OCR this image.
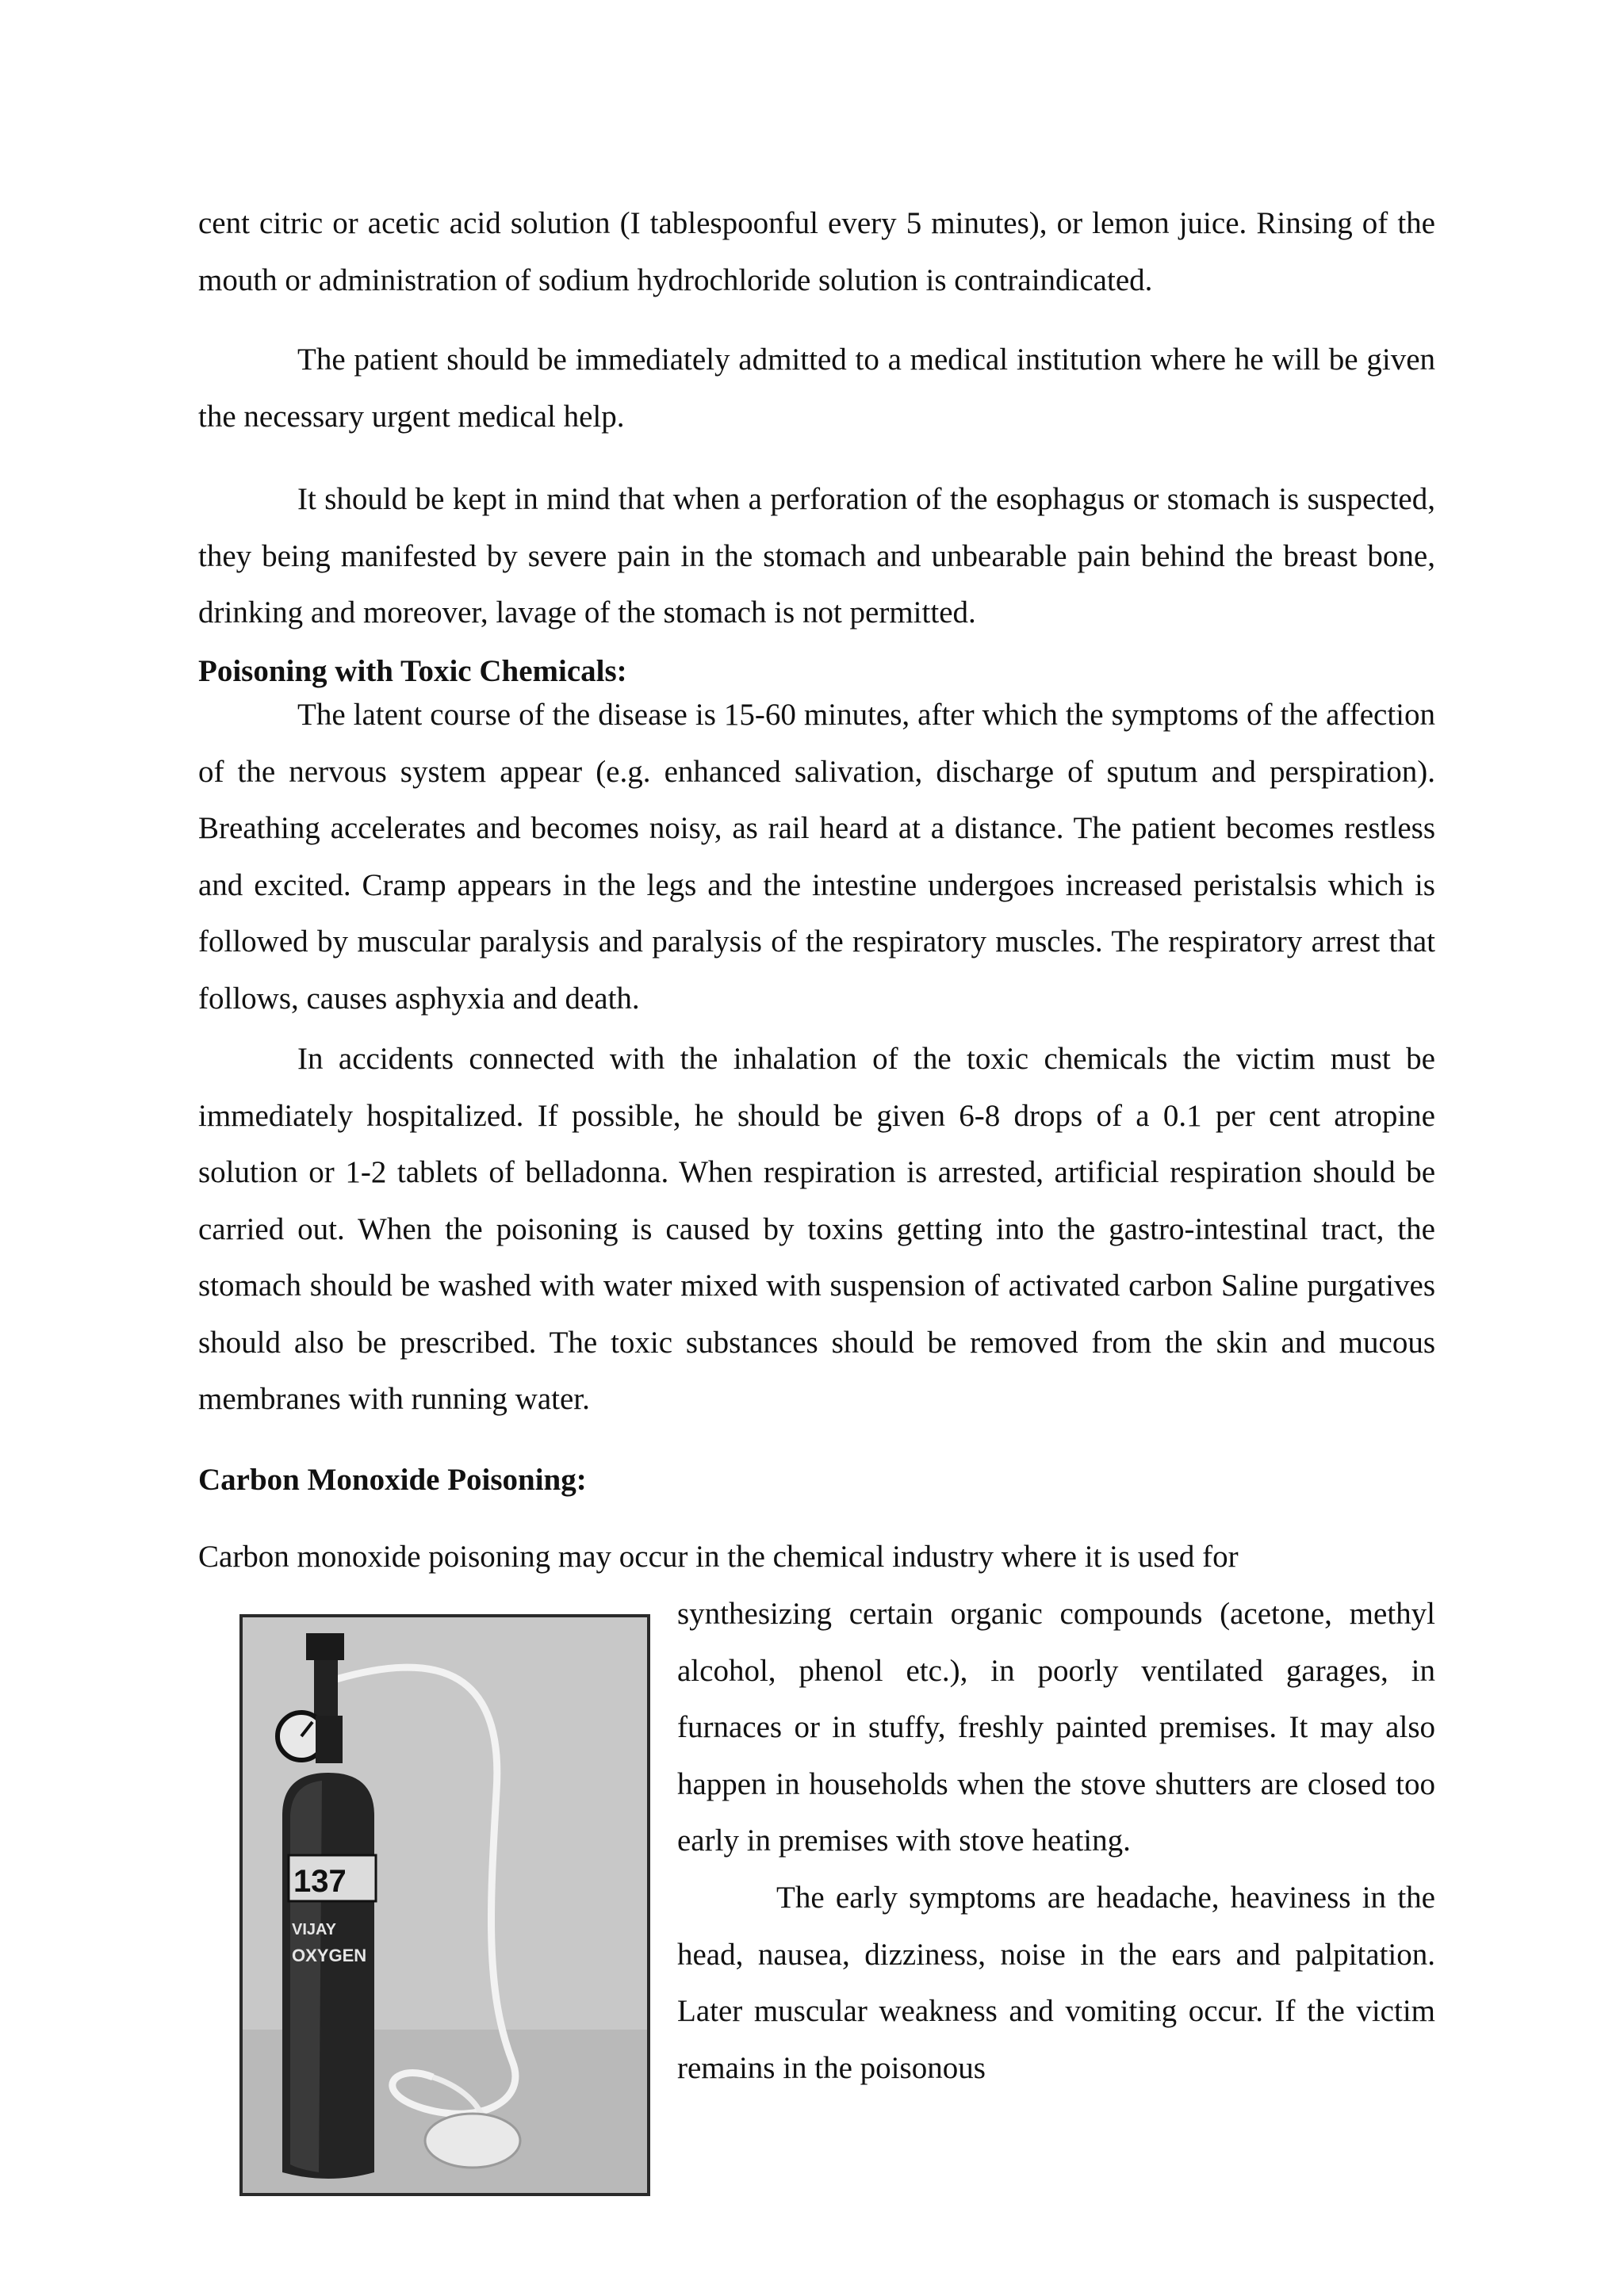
cent citric or acetic acid solution (I tablespoonful every 5 minutes), or lemon juice. Rinsing of the mouth or administration of sodium hydrochloride solution is contraindicated.

The patient should be immediately admitted to a medical institution where he will be given the necessary urgent medical help.

It should be kept in mind that when a perforation of the esophagus or stomach is suspected, they being manifested by severe pain in the stomach and unbearable pain behind the breast bone, drinking and moreover, lavage of the stomach is not permitted.

Poisoning with Toxic Chemicals:

The latent course of the disease is 15-60 minutes, after which the symptoms of the affection of the nervous system appear (e.g. enhanced salivation, discharge of sputum and perspiration). Breathing accelerates and becomes noisy, as rail heard at a distance. The patient becomes restless and excited. Cramp appears in the legs and the intestine undergoes increased peristalsis which is followed by muscular paralysis and paralysis of the respiratory muscles. The respiratory arrest that follows, causes asphyxia and death.

In accidents connected with the inhalation of the toxic chemicals the victim must be immediately hospitalized. If possible, he should be given 6-8 drops of a 0.1 per cent atropine solution or 1-2 tablets of belladonna. When respiration is arrested, artificial respiration should be carried out. When the poisoning is caused by toxins getting into the gastro-intestinal tract, the stomach should be washed with water mixed with suspension of activated carbon Saline purgatives should also be prescribed. The toxic substances should be removed from the skin and mucous membranes with running water.

Carbon Monoxide Poisoning:

Carbon monoxide poisoning may occur in the chemical industry where it is used for

synthesizing certain organic compounds (acetone, methyl alcohol, phenol etc.), in poorly ventilated garages, in furnaces or in stuffy, freshly painted premises. It may also happen in households when the stove shutters are closed too early in premises with stove heating.

The early symptoms are headache, heaviness in the head, nausea, dizziness, noise in the ears and palpitation. Later muscular weakness and vomiting occur. If the victim remains in the poisonous

137
VIJAY
OXYGEN
